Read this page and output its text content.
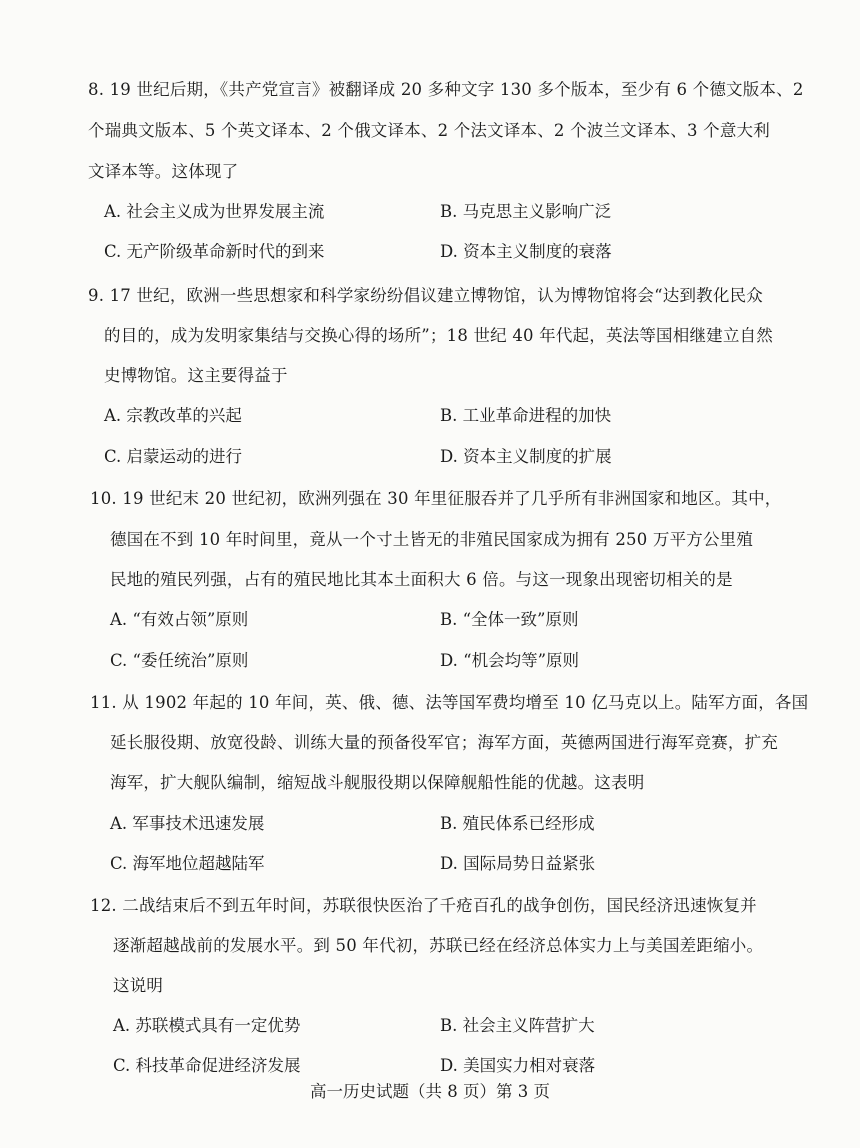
8. 19 世纪后期，《共产党宣言》被翻译成 20 多种文字 130 多个版本，至少有 6 个德文版本、2
个瑞典文版本、5 个英文译本、2 个俄文译本、2 个法文译本、2 个波兰文译本、3 个意大利
文译本等。这体现了
A. 社会主义成为世界发展主流	B. 马克思主义影响广泛
C. 无产阶级革命新时代的到来	D. 资本主义制度的衰落
9. 17 世纪，欧洲一些思想家和科学家纷纷倡议建立博物馆，认为博物馆将会“达到教化民众
的目的，成为发明家集结与交换心得的场所”；18 世纪 40 年代起，英法等国相继建立自然
史博物馆。这主要得益于
A. 宗教改革的兴起	B. 工业革命进程的加快
C. 启蒙运动的进行	D. 资本主义制度的扩展
10. 19 世纪末 20 世纪初，欧洲列强在 30 年里征服吞并了几乎所有非洲国家和地区。其中，
德国在不到 10 年时间里，竟从一个寸土皆无的非殖民国家成为拥有 250 万平方公里殖
民地的殖民列强，占有的殖民地比其本土面积大 6 倍。与这一现象出现密切相关的是
A. “有效占领”原则	B. “全体一致”原则
C. “委任统治”原则	D. “机会均等”原则
11. 从 1902 年起的 10 年间，英、俄、德、法等国军费均增至 10 亿马克以上。陆军方面，各国
延长服役期、放宽役龄、训练大量的预备役军官；海军方面，英德两国进行海军竞赛，扩充
海军，扩大舰队编制，缩短战斗舰服役期以保障舰船性能的优越。这表明
A. 军事技术迅速发展	B. 殖民体系已经形成
C. 海军地位超越陆军	D. 国际局势日益紧张
12. 二战结束后不到五年时间，苏联很快医治了千疮百孔的战争创伤，国民经济迅速恢复并
逐渐超越战前的发展水平。到 50 年代初，苏联已经在经济总体实力上与美国差距缩小。
这说明
A. 苏联模式具有一定优势	B. 社会主义阵营扩大
C. 科技革命促进经济发展	D. 美国实力相对衰落
高一历史试题（共 8 页）第 3 页
